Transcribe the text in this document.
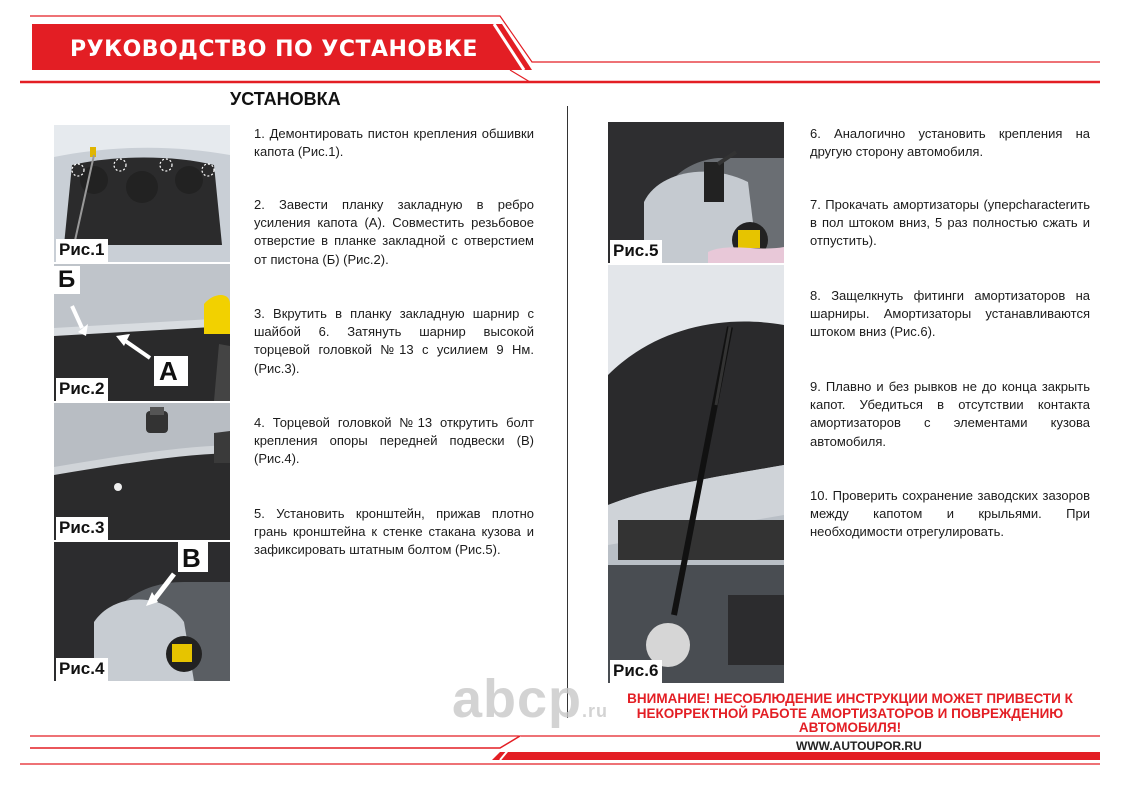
РУКОВОДСТВО ПО УСТАНОВКЕ
УСТАНОВКА
Рис.1
Б
А
Рис.2
Рис.3
В
Рис.4
Рис.5
Рис.6
1. Демонтировать пистон крепления обшивки капота (Рис.1).
2. Завести планку закладную в ребро усиления капота (А). Совместить резьбовое отверстие в планке закладной с отверстием от пистона (Б) (Рис.2).
3. Вкрутить в планку закладную шарнир с шайбой 6. Затянуть шарнир высокой торцевой головкой №13 с усилием 9 Нм. (Рис.3).
4. Торцевой головкой №13 открутить болт крепления опоры передней подвески (В) (Рис.4).
5. Установить кронштейн, прижав плотно грань кронштейна к стенке стакана кузова и зафиксировать штатным болтом (Рис.5).
6. Аналогично установить крепления на другую сторону автомобиля.
7. Прокачать амортизаторы (уперcharacterить в пол штоком вниз, 5 раз полностью сжать и отпустить).
8. Защелкнуть фитинги амортизаторов на шарниры. Амортизаторы устанавливаются штоком вниз (Рис.6).
9. Плавно и без рывков не до конца закрыть капот. Убедиться в отсутствии контакта амортизаторов с элементами кузова автомобиля.
10. Проверить сохранение заводских зазоров между капотом и крыльями. При необходимости отрегулировать.
abcp.ru
ВНИМАНИЕ! НЕСОБЛЮДЕНИЕ ИНСТРУКЦИИ МОЖЕТ ПРИВЕСТИ К НЕКОРРЕКТНОЙ РАБОТЕ АМОРТИЗАТОРОВ И ПОВРЕЖДЕНИЮ АВТОМОБИЛЯ!
WWW.AUTOUPOR.RU
